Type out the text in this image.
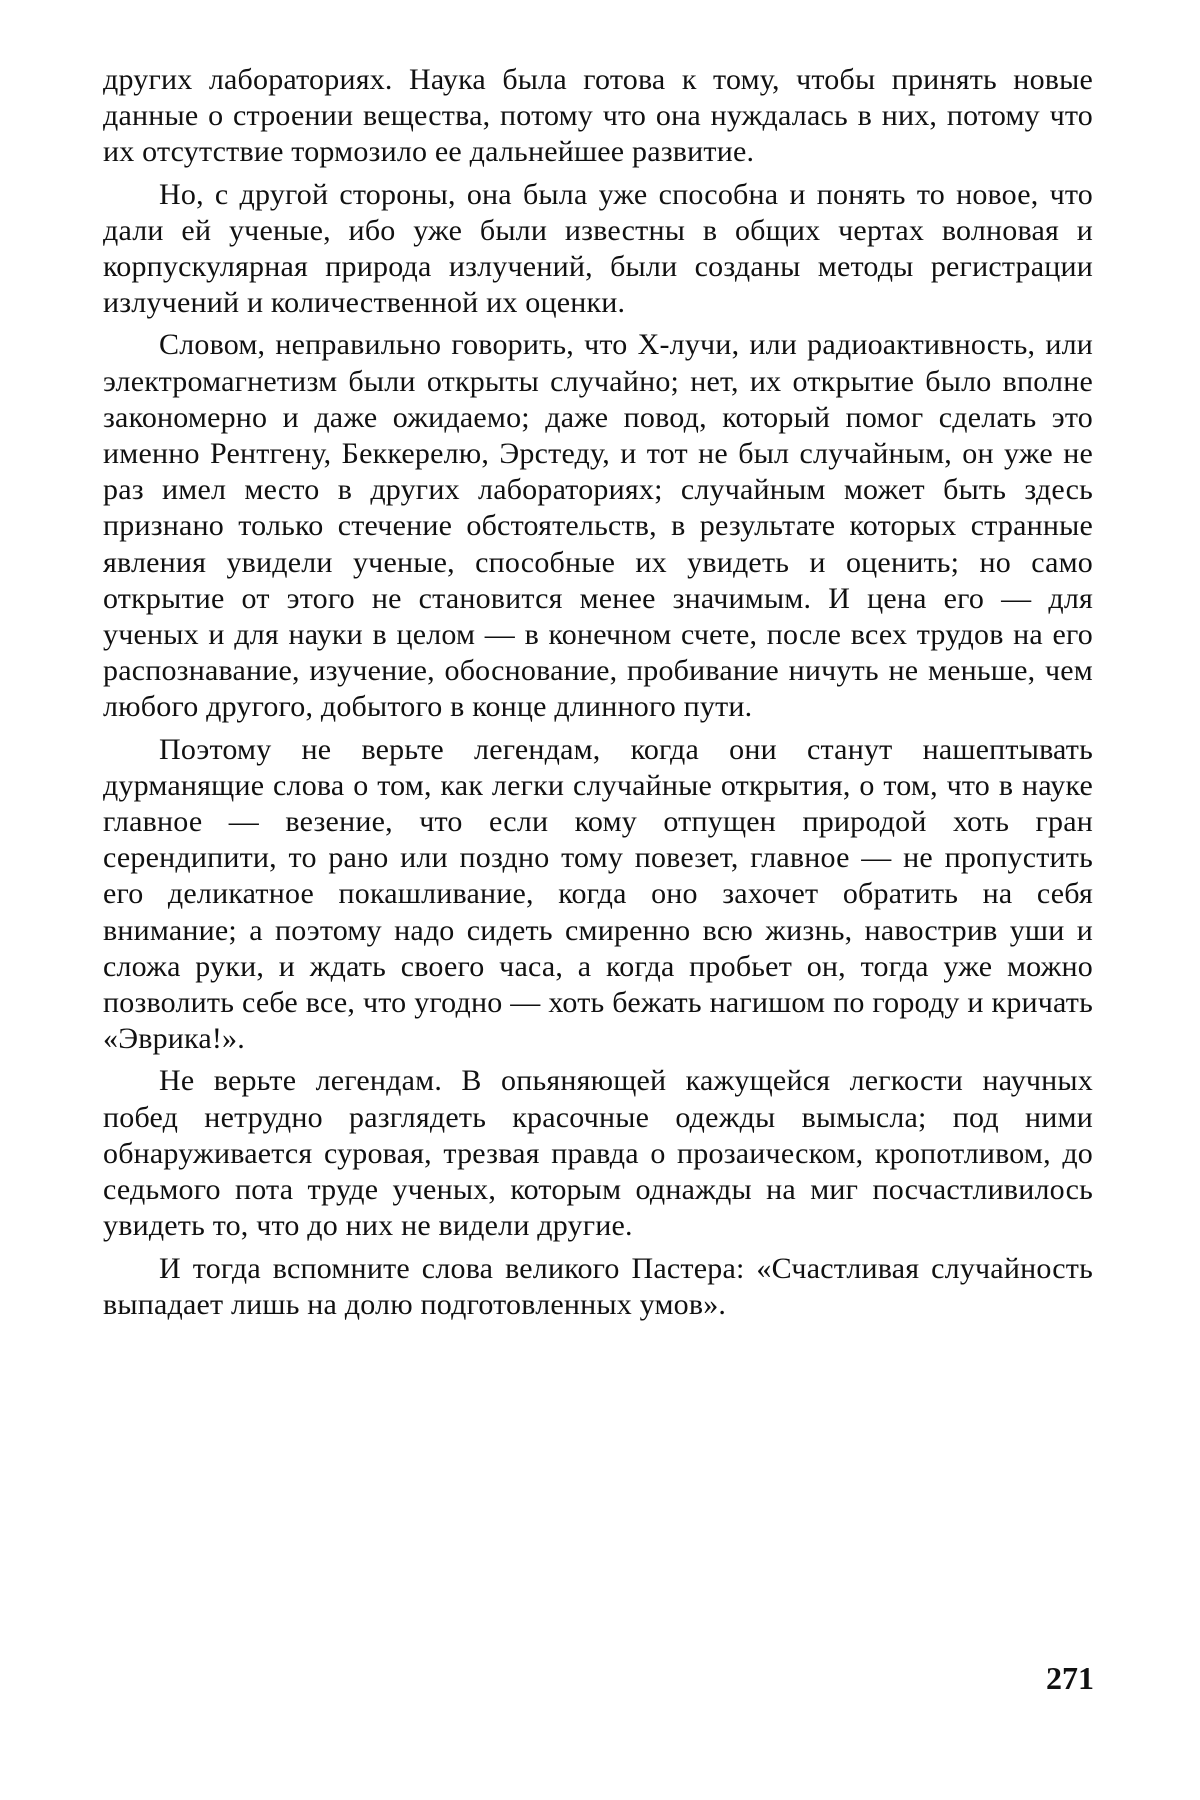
других лабораториях. Наука была готова к тому, чтобы принять новые данные о строении вещества, потому что она нуждалась в них, потому что их отсутствие тормозило ее дальнейшее развитие.

Но, с другой стороны, она была уже способна и понять то новое, что дали ей ученые, ибо уже были известны в общих чертах волновая и корпускулярная природа излучений, были созданы методы регистрации излучений и количественной их оценки.

Словом, неправильно говорить, что Х-лучи, или радиоактивность, или электромагнетизм были открыты случайно; нет, их открытие было вполне закономерно и даже ожидаемо; даже повод, который помог сделать это именно Рентгену, Беккерелю, Эрстеду, и тот не был случайным, он уже не раз имел место в других лабораториях; случайным может быть здесь признано только стечение обстоятельств, в результате которых странные явления увидели ученые, способные их увидеть и оценить; но само открытие от этого не становится менее значимым. И цена его — для ученых и для науки в целом — в конечном счете, после всех трудов на его распознавание, изучение, обоснование, пробивание ничуть не меньше, чем любого другого, добытого в конце длинного пути.

Поэтому не верьте легендам, когда они станут нашептывать дурманящие слова о том, как легки случайные открытия, о том, что в науке главное — везение, что если кому отпущен природой хоть гран серендипити, то рано или поздно тому повезет, главное — не пропустить его деликатное покашливание, когда оно захочет обратить на себя внимание; а поэтому надо сидеть смиренно всю жизнь, навострив уши и сложа руки, и ждать своего часа, а когда пробьет он, тогда уже можно позволить себе все, что угодно — хоть бежать нагишом по городу и кричать «Эврика!».

Не верьте легендам. В опьяняющей кажущейся легкости научных побед нетрудно разглядеть красочные одежды вымысла; под ними обнаруживается суровая, трезвая правда о прозаическом, кропотливом, до седьмого пота труде ученых, которым однажды на миг посчастливилось увидеть то, что до них не видели другие.

И тогда вспомните слова великого Пастера: «Счастливая случайность выпадает лишь на долю подготовленных умов».

271
